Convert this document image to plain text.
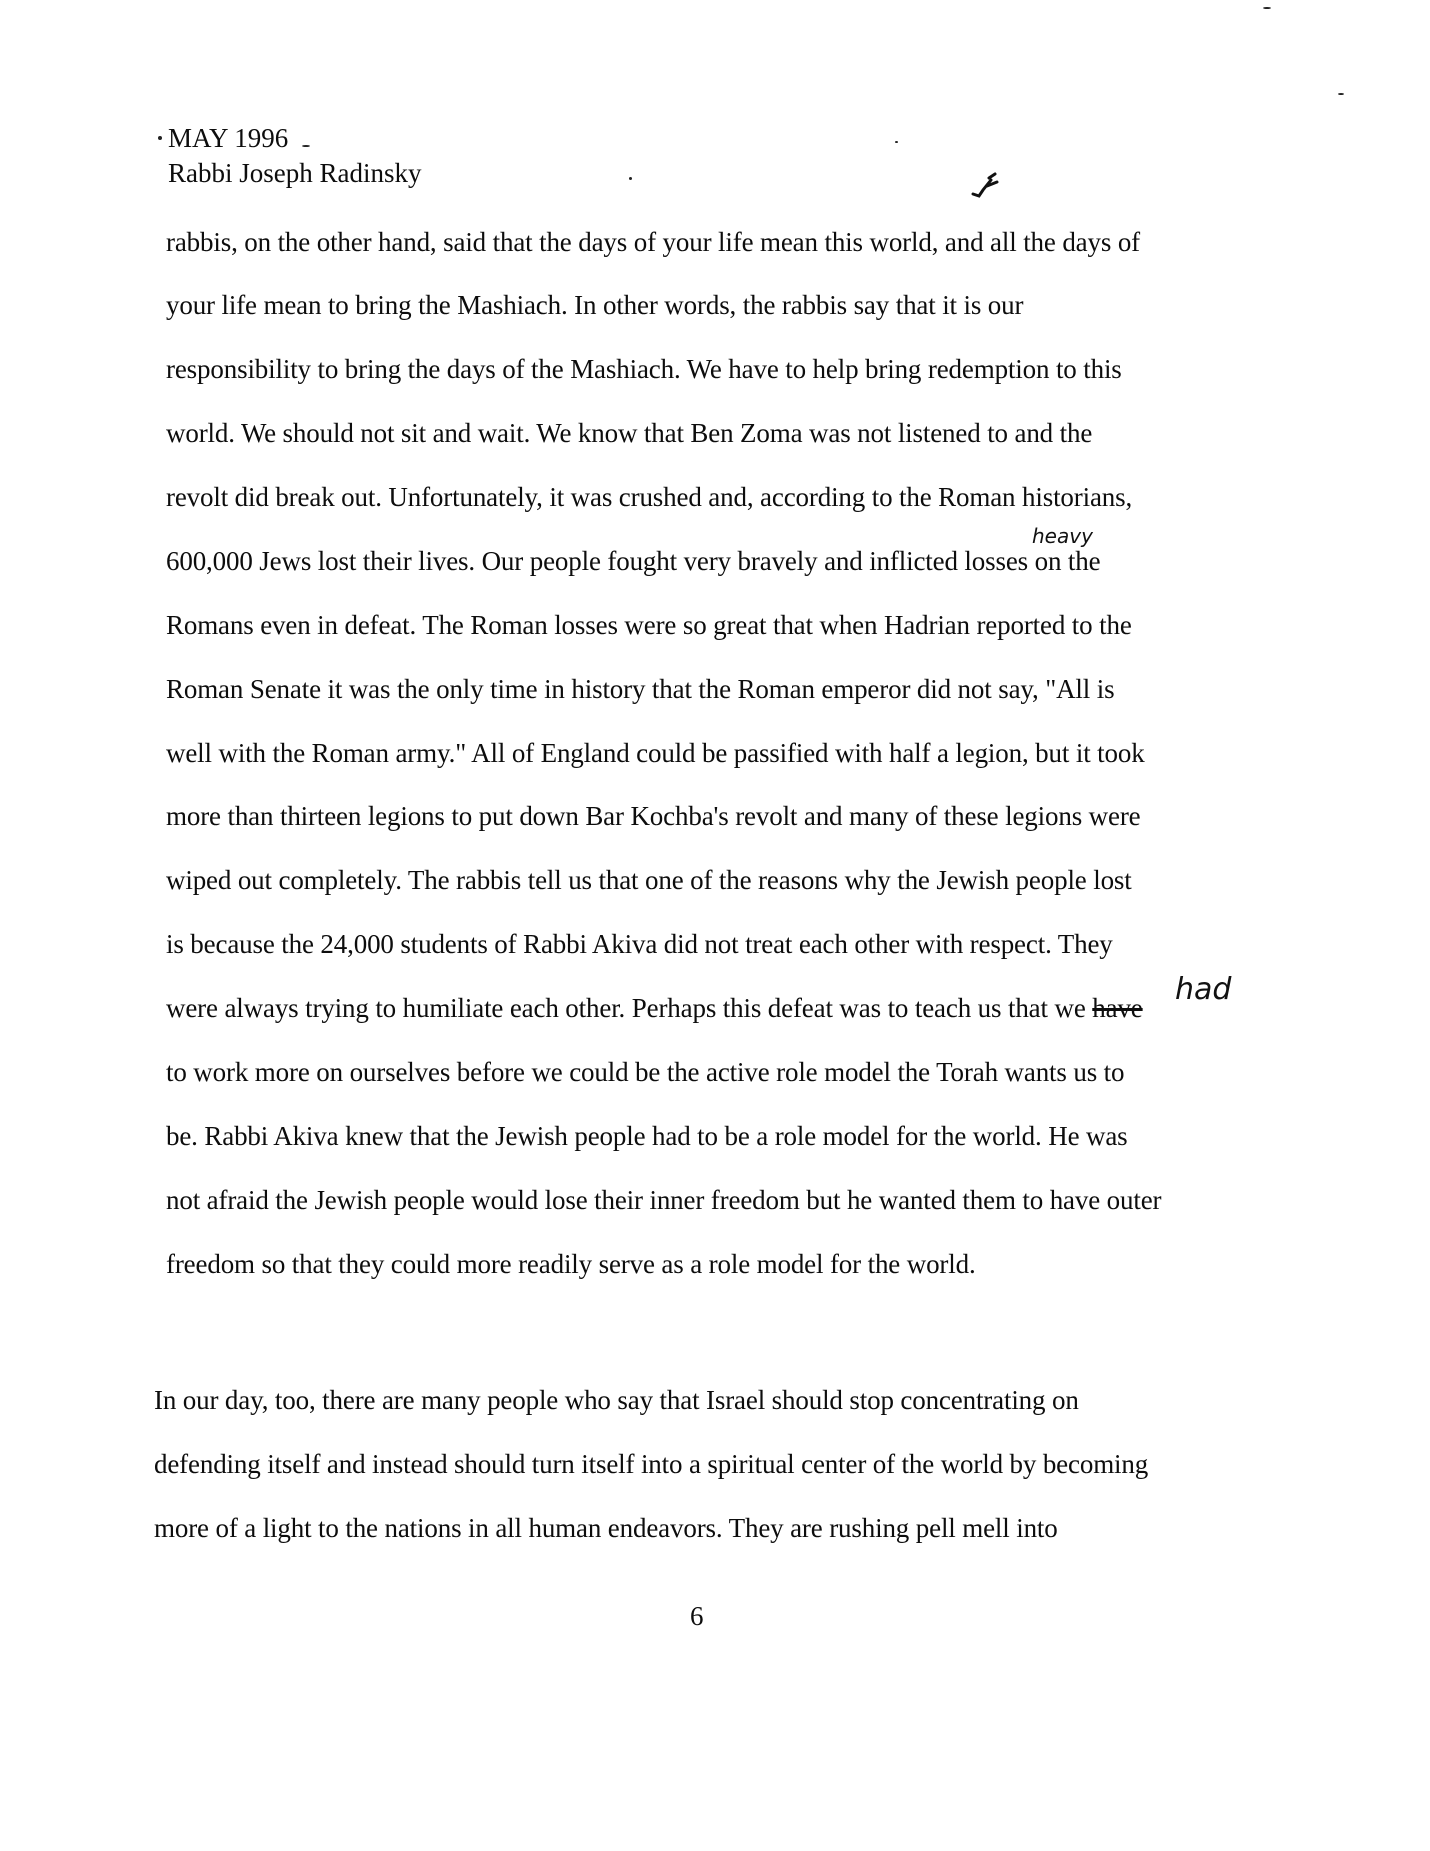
MAY 1996
Rabbi Joseph Radinsky
rabbis, on the other hand, said that the days of your life mean this world, and all the days of
your life mean to bring the Mashiach. In other words, the rabbis say that it is our
responsibility to bring the days of the Mashiach. We have to help bring redemption to this
world. We should not sit and wait. We know that Ben Zoma was not listened to and the
revolt did break out. Unfortunately, it was crushed and, according to the Roman historians,
heavy
600,000 Jews lost their lives. Our people fought very bravely and inflicted losses on the
Romans even in defeat. The Roman losses were so great that when Hadrian reported to the
Roman Senate it was the only time in history that the Roman emperor did not say, "All is
well with the Roman army." All of England could be passified with half a legion, but it took
more than thirteen legions to put down Bar Kochba's revolt and many of these legions were
wiped out completely. The rabbis tell us that one of the reasons why the Jewish people lost
is because the 24,000 students of Rabbi Akiva did not treat each other with respect. They
had
were always trying to humiliate each other. Perhaps this defeat was to teach us that we have
to work more on ourselves before we could be the active role model the Torah wants us to
be. Rabbi Akiva knew that the Jewish people had to be a role model for the world. He was
not afraid the Jewish people would lose their inner freedom but he wanted them to have outer
freedom so that they could more readily serve as a role model for the world.
In our day, too, there are many people who say that Israel should stop concentrating on
defending itself and instead should turn itself into a spiritual center of the world by becoming
more of a light to the nations in all human endeavors. They are rushing pell mell into
6
